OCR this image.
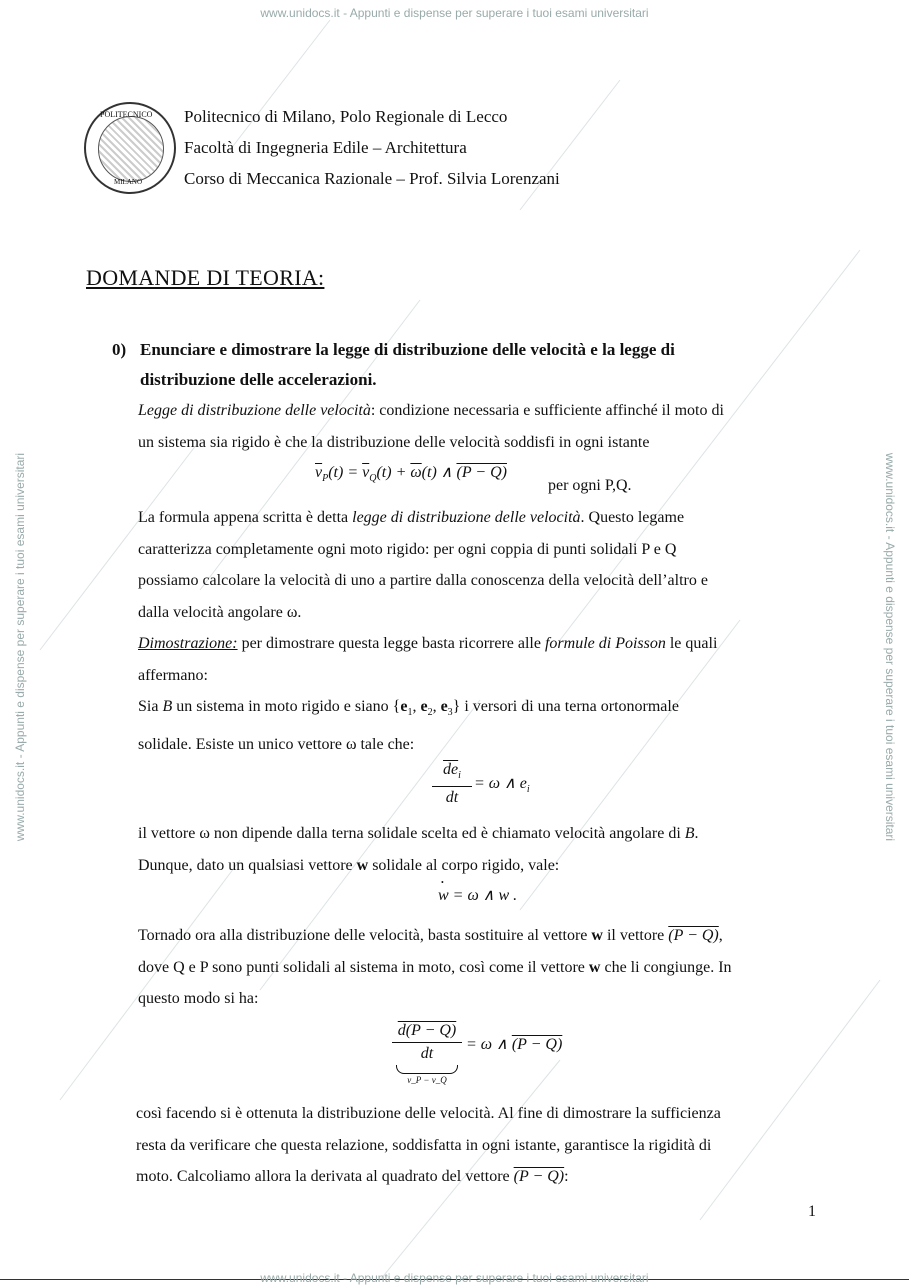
www.unidocs.it - Appunti e dispense per superare i tuoi esami universitari
www.unidocs.it - Appunti e dispense per superare i tuoi esami universitari	www.unidocs.it - Appunti e dispense per superare i tuoi esami universitari
POLITECNICO
MILANO
Politecnico di Milano, Polo Regionale di Lecco
Facoltà di Ingegneria Edile – Architettura
Corso di Meccanica Razionale – Prof. Silvia Lorenzani
DOMANDE DI TEORIA:
0) Enunciare e dimostrare la legge di distribuzione delle velocità e la legge di
distribuzione delle accelerazioni.
Legge di distribuzione delle velocità: condizione necessaria e sufficiente affinché il moto di
un sistema sia rigido è che la distribuzione delle velocità soddisfi in ogni istante
$\overline{v}_P(t) = \overline{v}_Q(t) + \overline{\omega}(t)$ ∧ (P − Q)
per ogni P,Q.
La formula appena scritta è detta legge di distribuzione delle velocità. Questo legame
caratterizza completamente ogni moto rigido: per ogni coppia di punti solidali P e Q
possiamo calcolare la velocità di uno a partire dalla conoscenza della velocità dell’altro e
dalla velocità angolare ω.
Dimostrazione: per dimostrare questa legge basta ricorrere alle formule di Poisson le quali
affermano:
Sia B un sistema in moto rigido e siano {$e_1$, $e_2$, $e_3$} i versori di una terna ortonormale
solidale. Esiste un unico vettore ω tale che:
$\overline{de}_i$
dt
= ω ∧ $e_i$
il vettore ω non dipende dalla terna solidale scelta ed è chiamato velocità angolare di B.
Dunque, dato un qualsiasi vettore w solidale al corpo rigido, vale:
w = ω ∧ w .
•
Tornado ora alla distribuzione delle velocità, basta sostituire al vettore w il vettore (P − Q),
dove Q e P sono punti solidali al sistema in moto, così come il vettore w che li congiunge. In
questo modo si ha:
d(P − Q)
dt
v_P − v_Q
= ω ∧ (P − Q)
così facendo si è ottenuta la distribuzione delle velocità. Al fine di dimostrare la sufficienza
resta da verificare che questa relazione, soddisfatta in ogni istante, garantisce la rigidità di
moto. Calcoliamo allora la derivata al quadrato del vettore (P − Q):
1
www.unidocs.it - Appunti e dispense per superare i tuoi esami universitari
